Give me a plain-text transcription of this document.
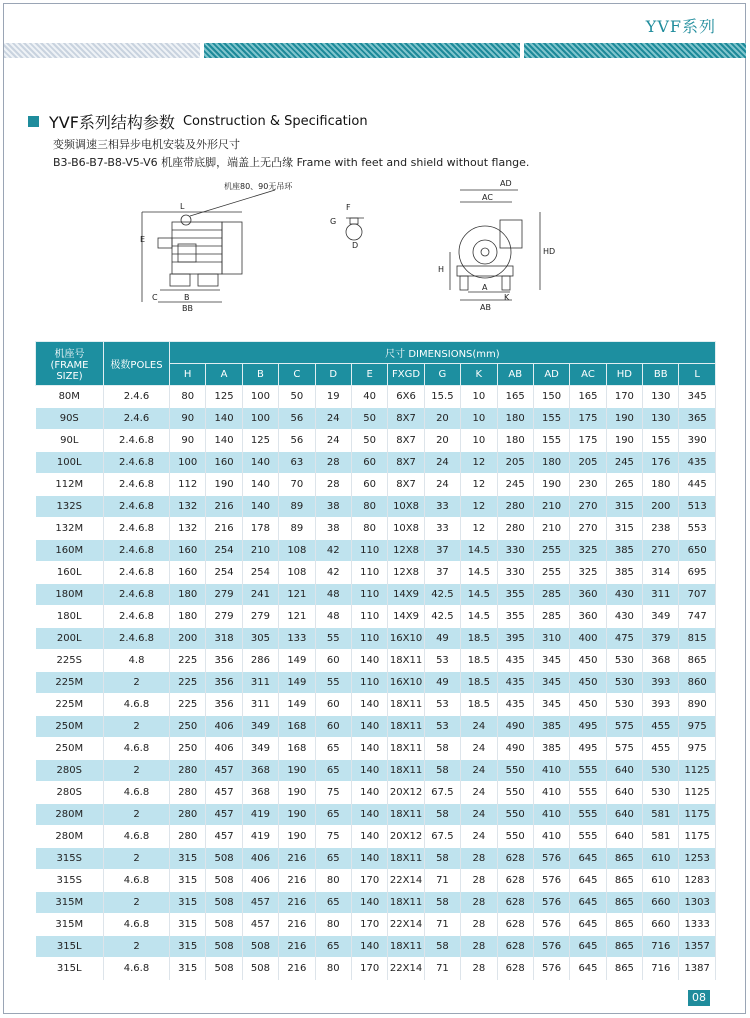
YVF系列
YVF系列结构参数 Construction & Specification
变频调速三相异步电机安装及外形尺寸
B3-B6-B7-B8-V5-V6 机座带底脚，端盖上无凸缘 Frame with feet and shield without flange.
L
E
C	B
BB
机座80、90无吊环
F
G
D
AD
AC
H
HD
A
AB
K
机座号(FRAME SIZE)	极数POLES	尺寸 DIMENSIONS(mm)														
		H	A	B	C	D	E	FXGD	G	K	AB	AD	AC	HD	BB	L
80M	2.4.6	80	125	100	50	19	40	6X6	15.5	10	165	150	165	170	130	345
90S	2.4.6	90	140	100	56	24	50	8X7	20	10	180	155	175	190	130	365
90L	2.4.6.8	90	140	125	56	24	50	8X7	20	10	180	155	175	190	155	390
100L	2.4.6.8	100	160	140	63	28	60	8X7	24	12	205	180	205	245	176	435
112M	2.4.6.8	112	190	140	70	28	60	8X7	24	12	245	190	230	265	180	445
132S	2.4.6.8	132	216	140	89	38	80	10X8	33	12	280	210	270	315	200	513
132M	2.4.6.8	132	216	178	89	38	80	10X8	33	12	280	210	270	315	238	553
160M	2.4.6.8	160	254	210	108	42	110	12X8	37	14.5	330	255	325	385	270	650
160L	2.4.6.8	160	254	254	108	42	110	12X8	37	14.5	330	255	325	385	314	695
180M	2.4.6.8	180	279	241	121	48	110	14X9	42.5	14.5	355	285	360	430	311	707
180L	2.4.6.8	180	279	279	121	48	110	14X9	42.5	14.5	355	285	360	430	349	747
200L	2.4.6.8	200	318	305	133	55	110	16X10	49	18.5	395	310	400	475	379	815
225S	4.8	225	356	286	149	60	140	18X11	53	18.5	435	345	450	530	368	865
225M	2	225	356	311	149	55	110	16X10	49	18.5	435	345	450	530	393	860
225M	4.6.8	225	356	311	149	60	140	18X11	53	18.5	435	345	450	530	393	890
250M	2	250	406	349	168	60	140	18X11	53	24	490	385	495	575	455	975
250M	4.6.8	250	406	349	168	65	140	18X11	58	24	490	385	495	575	455	975
280S	2	280	457	368	190	65	140	18X11	58	24	550	410	555	640	530	1125
280S	4.6.8	280	457	368	190	75	140	20X12	67.5	24	550	410	555	640	530	1125
280M	2	280	457	419	190	65	140	18X11	58	24	550	410	555	640	581	1175
280M	4.6.8	280	457	419	190	75	140	20X12	67.5	24	550	410	555	640	581	1175
315S	2	315	508	406	216	65	140	18X11	58	28	628	576	645	865	610	1253
315S	4.6.8	315	508	406	216	80	170	22X14	71	28	628	576	645	865	610	1283
315M	2	315	508	457	216	65	140	18X11	58	28	628	576	645	865	660	1303
315M	4.6.8	315	508	457	216	80	170	22X14	71	28	628	576	645	865	660	1333
315L	2	315	508	508	216	65	140	18X11	58	28	628	576	645	865	716	1357
315L	4.6.8	315	508	508	216	80	170	22X14	71	28	628	576	645	865	716	1387
08
